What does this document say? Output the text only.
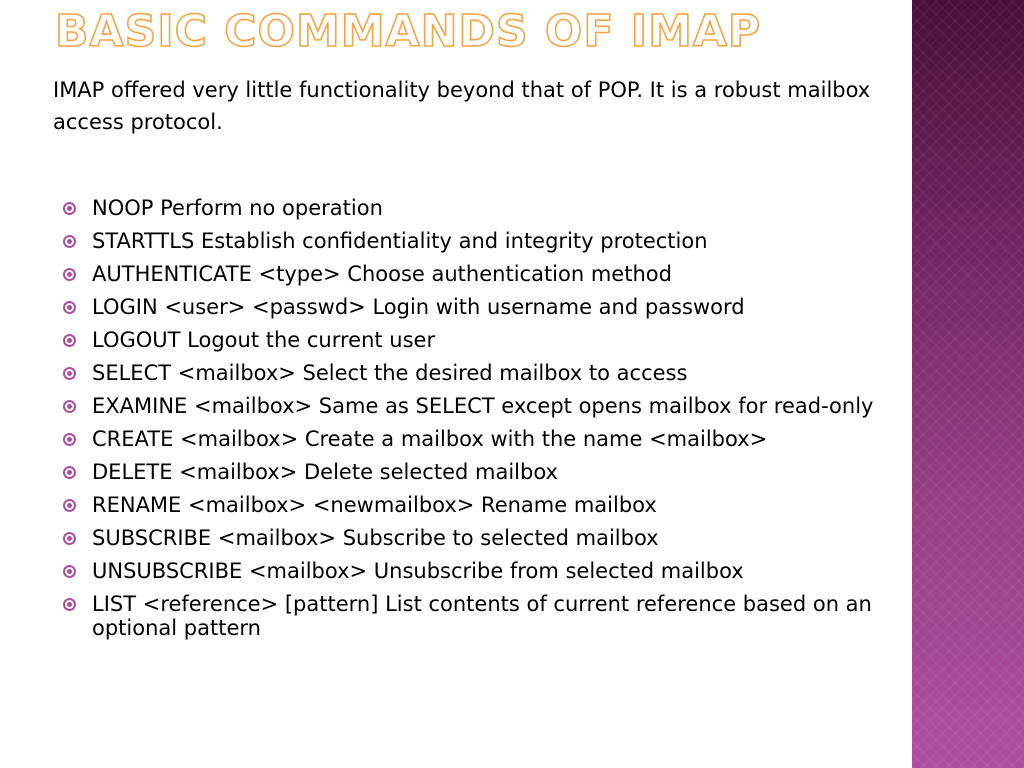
BASIC COMMANDS OF IMAP

IMAP offered very little functionality beyond that of POP. It is a robust mailbox access protocol.

NOOP Perform no operation
STARTTLS Establish confidentiality and integrity protection
AUTHENTICATE <type> Choose authentication method
LOGIN <user> <passwd> Login with username and password
LOGOUT Logout the current user
SELECT <mailbox> Select the desired mailbox to access
EXAMINE <mailbox> Same as SELECT except opens mailbox for read-only
CREATE <mailbox> Create a mailbox with the name <mailbox>
DELETE <mailbox> Delete selected mailbox
RENAME <mailbox> <newmailbox> Rename mailbox
SUBSCRIBE <mailbox> Subscribe to selected mailbox
UNSUBSCRIBE <mailbox> Unsubscribe from selected mailbox
LIST <reference> [pattern] List contents of current reference based on an optional pattern
